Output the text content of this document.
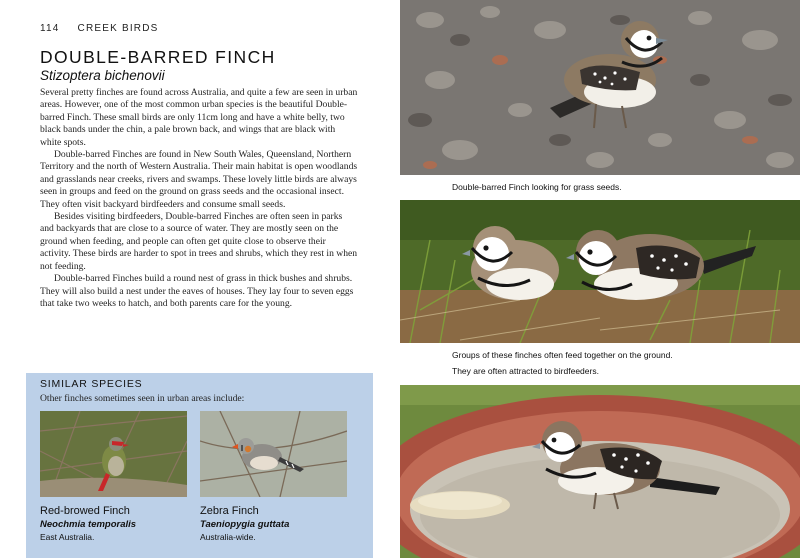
114 CREEK BIRDS
DOUBLE-BARRED FINCH
Stizoptera bichenovii

Several pretty finches are found across Australia, and quite a few are seen in urban areas. However, one of the most common urban species is the beautiful Double-barred Finch. These small birds are only 11cm long and have a white belly, two black bands under the chin, a pale brown back, and wings that are black with white spots.

Double-barred Finches are found in New South Wales, Queensland, Northern Territory and the north of Western Australia. Their main habitat is open woodlands and grasslands near creeks, rivers and swamps. These lovely little birds are always seen in groups and feed on the ground on grass seeds and the occasional insect. They often visit backyard birdfeeders and consume small seeds.

Besides visiting birdfeeders, Double-barred Finches are often seen in parks and backyards that are close to a source of water. They are mostly seen on the ground when feeding, and people can often get quite close to observe their activity. These birds are harder to spot in trees and shrubs, which they rest in when not feeding.

Double-barred Finches build a round nest of grass in thick bushes and shrubs. They will also build a nest under the eaves of houses. They lay four to seven eggs that take two weeks to hatch, and both parents care for the young.

SIMILAR SPECIES
Other finches sometimes seen in urban areas include:
Red-browed Finch
Neochmia temporalis
East Australia.
Zebra Finch
Taeniopygia guttata
Australia-wide.
Double-barred Finch looking for grass seeds.
Groups of these finches often feed together on the ground.
They are often attracted to birdfeeders.
